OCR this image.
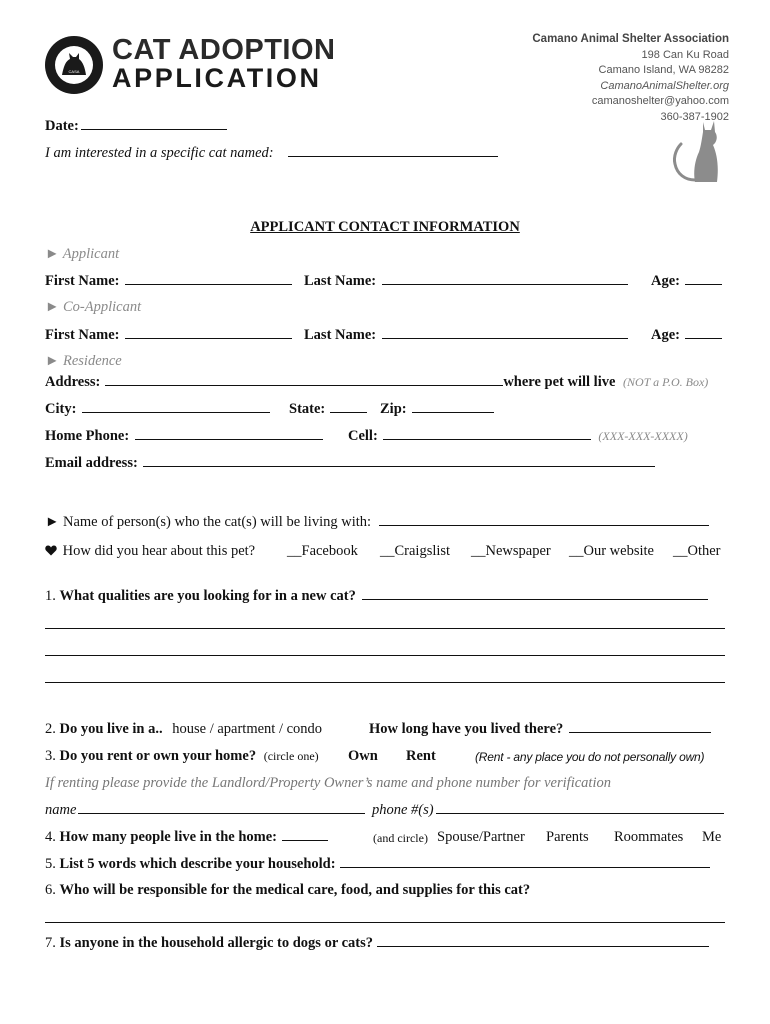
CASA
CAT ADOPTION
APPLICATION
Camano Animal Shelter Association
198 Can Ku Road
Camano Island, WA 98282
CamanoAnimalShelter.org
camanoshelter@yahoo.com
360-387-1902
Date:
I am interested in a specific cat named:
APPLICANT CONTACT INFORMATION
► Applicant
First Name:	Last Name:	Age:
► Co-Applicant
First Name:	Last Name:	Age:
► Residence
Address:	where pet will live (NOT a P.O. Box)
City:	State:	Zip:
Home Phone:	Cell:	(XXX-XXX-XXXX)
Email address:
► Name of person(s) who the cat(s) will be living with:
How did you hear about this pet? __Facebook __Craigslist __Newspaper __Our website __Other
1. What qualities are you looking for in a new cat?
2. Do you live in a.. house / apartment / condo	How long have you lived there?
3. Do you rent or own your home? (circle one) Own Rent	(Rent - any place you do not personally own)
If renting please provide the Landlord/Property Owner’s name and phone number for verification
name	phone #(s)
4. How many people live in the home:	(and circle) Spouse/Partner Parents Roommates Me
5. List 5 words which describe your household:
6. Who will be responsible for the medical care, food, and supplies for this cat?
7. Is anyone in the household allergic to dogs or cats?
